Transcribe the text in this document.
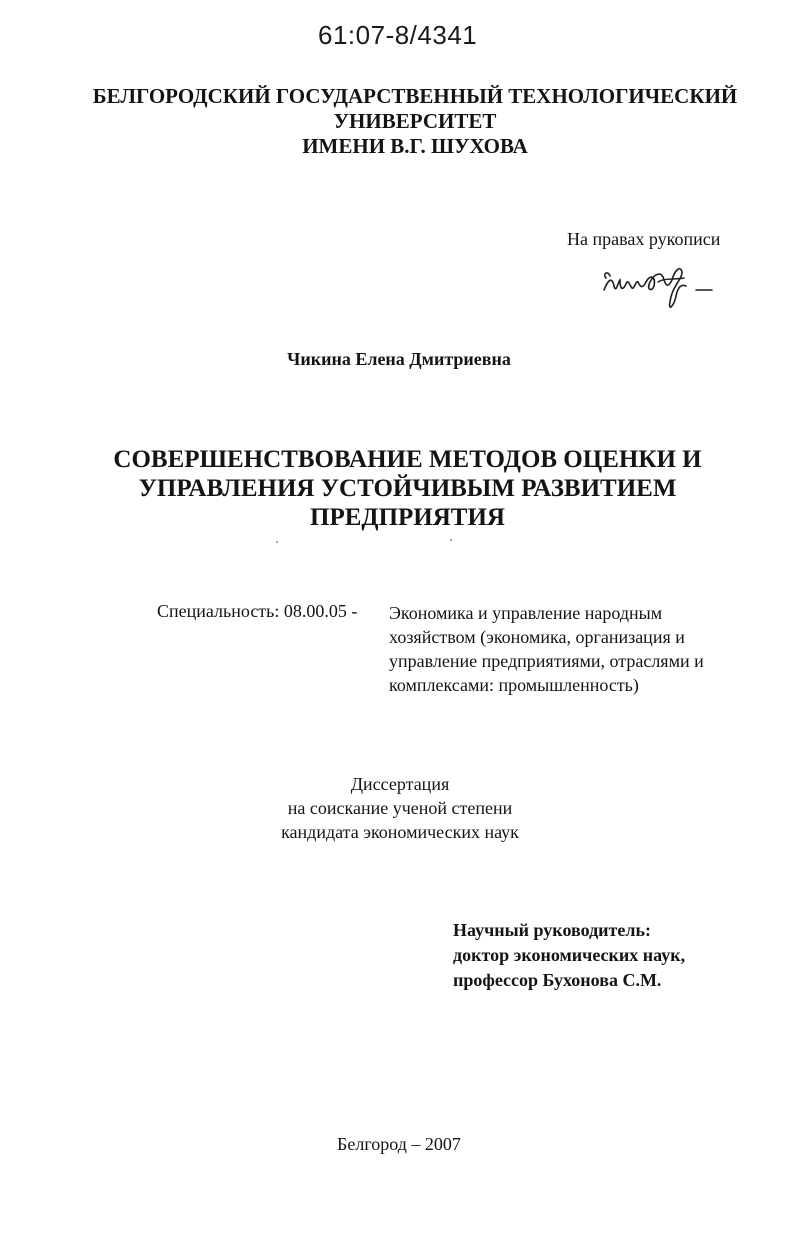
61:07-8/4341
БЕЛГОРОДСКИЙ ГОСУДАРСТВЕННЫЙ ТЕХНОЛОГИЧЕСКИЙ
УНИВЕРСИТЕТ
ИМЕНИ В.Г. ШУХОВА
На правах рукописи
Чикина Елена Дмитриевна
СОВЕРШЕНСТВОВАНИЕ МЕТОДОВ ОЦЕНКИ И
УПРАВЛЕНИЯ УСТОЙЧИВЫМ РАЗВИТИЕМ
ПРЕДПРИЯТИЯ
Специальность: 08.00.05 - Экономика и управление народным
хозяйством (экономика, организация и
управление предприятиями, отраслями и
комплексами: промышленность)
Диссертация
на соискание ученой степени
кандидата экономических наук
Научный руководитель:
доктор экономических наук,
профессор Бухонова С.М.
Белгород – 2007
